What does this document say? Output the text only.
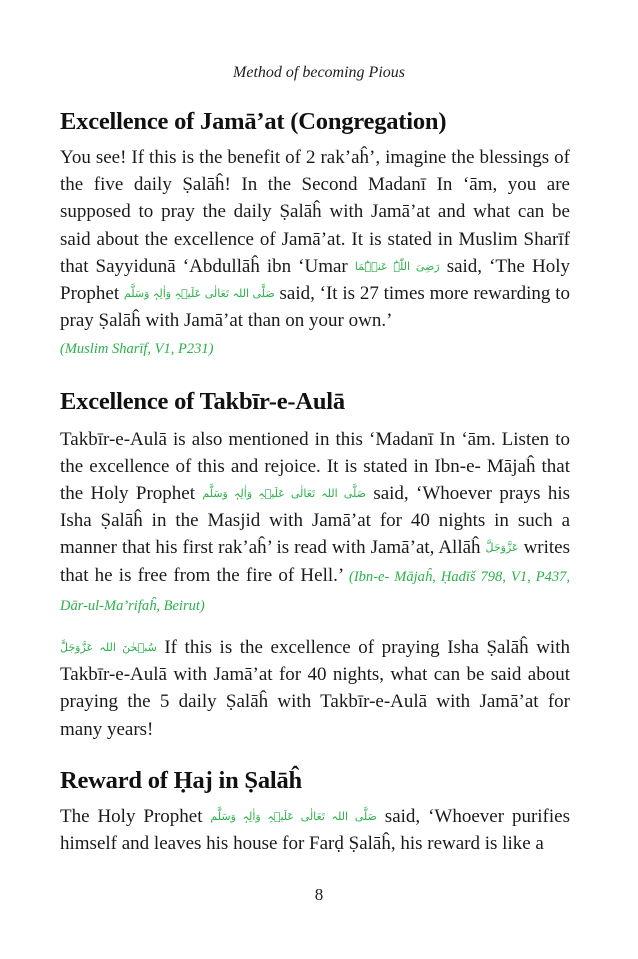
Method of becoming Pious
Excellence of Jamā’at (Congregation)

You see! If this is the benefit of 2 rak’aĥ’, imagine the blessings of the five daily Ṣalāĥ! In the Second Madanī In ‘ām, you are supposed to pray the daily Ṣalāĥ with Jamā’at and what can be said about the excellence of Jamā’at. It is stated in Muslim Sharīf that Sayyidunā ‘Abdullāĥ ibn ‘Umar رَضِیَ اللّٰہُ عَنۡہُمَا said, ‘The Holy Prophet صَلَّی اللہ تَعَالٰی عَلَیۡہِ وَاٰلِہٖ وَسَلَّم said, ‘It is 27 times more rewarding to pray Ṣalāĥ with Jamā’at than on your own.’
(Muslim Sharīf, V1, P231)

Excellence of Takbīr-e-Aulā

Takbīr-e-Aulā is also mentioned in this ‘Madanī In ‘ām. Listen to the excellence of this and rejoice. It is stated in Ibn-e- Mājaĥ that the Holy Prophet صَلَّی اللہ تَعَالٰی عَلَیۡہِ وَاٰلِہٖ وَسَلَّم said, ‘Whoever prays his Isha Ṣalāĥ in the Masjid with Jamā’at for 40 nights in such a manner that his first rak’aĥ’ is read with Jamā’at, Allāĥ عَزَّوَجَلَّ writes that he is free from the fire of Hell.’ (Ibn-e- Mājaĥ, Ḥadīš 798, V1, P437, Dār-ul-Ma’rifaĥ, Beirut)

سُبۡحٰنَ اللہ عَزَّوَجَلَّ If this is the excellence of praying Isha Ṣalāĥ with Takbīr-e-Aulā with Jamā’at for 40 nights, what can be said about praying the 5 daily Ṣalāĥ with Takbīr-e-Aulā with Jamā’at for many years!

Reward of Ḥaj in Ṣalāĥ

The Holy Prophet صَلَّی اللہ تَعَالٰی عَلَیۡہِ وَاٰلِہٖ وَسَلَّم said, ‘Whoever purifies himself and leaves his house for Farḍ Ṣalāĥ, his reward is like a

8
